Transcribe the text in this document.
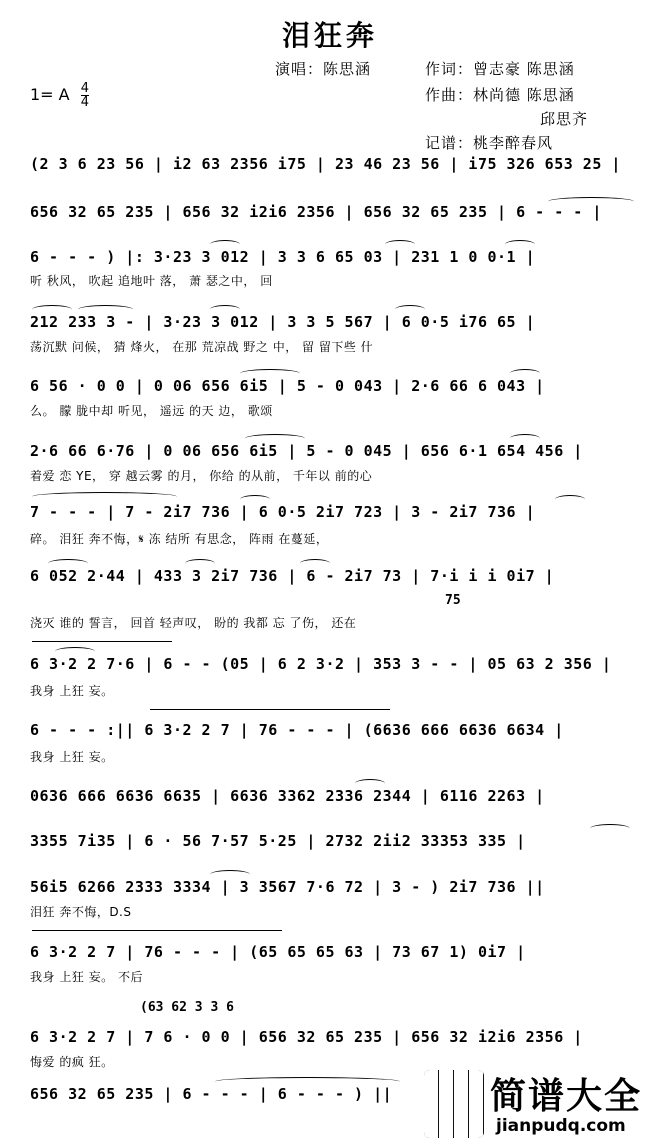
泪狂奔
演唱：陈思涵	作词：曾志豪 陈思涵
作曲：林尚德 陈思涵
邱思齐
记谱：桃李醉春风
1= A $\frac{4}{4}$
(2 3 6 23 56 | i2 63 2356 i75 | 23 46 23 56 | i75 326 653 25 |
656 32 65 235 | 656 32 i2i6 2356 | 656 32 65 235 | 6 - - - |
6 - - - ) |: 3·23 3 012 | 3 3 6 65 03 | 231 1 0 0·1 |
听 秋风， 吹起 追地叶 落， 萧 瑟之中， 回
212 233 3 - | 3·23 3 012 | 3 3 5 567 | 6 0·5 i76 65 |
荡沉默 问候， 猜 烽火， 在那 荒凉战 野之 中， 留 留下些 什
6 56 · 0 0 | 0 06 656 6i5 | 5 - 0 043 | 2·6 66 6 043 |
么。 朦 胧中却 听见， 遥远 的天 边， 歌颂
2·6 66 6·76 | 0 06 656 6i5 | 5 - 0 045 | 656 6·1 654 456 |
着爱 恋 YE， 穿 越云雾 的月， 你给 的从前， 千年以 前的心
7 - - - | 7 - 2i7 736 | 6 0·5 2i7 723 | 3 - 2i7 736 |
碎。 泪狂 奔不悔，𝄋 冻 结所 有思念， 阵雨 在蔓延，
6 052 2·44 | 433 3 2i7 736 | 6 - 2i7 73 | 7·i i i 0i7 |
75
浇灭 谁的 誓言， 回首 轻声叹， 盼的 我都 忘 了伤， 还在
6 3·2 2 7·6 | 6 - - (05 | 6 2 3·2 | 353 3 - - | 05 63 2 356 |
我身 上狂 妄。
6 - - - :|| 6 3·2 2 7 | 76 - - - | (6636 666 6636 6634 |
我身 上狂 妄。
0636 666 6636 6635 | 6636 3362 2336 2344 | 6116 2263 |
3355 7i35 | 6 · 56 7·57 5·25 | 2732 2ii2 33353 335 |
56i5 6266 2333 3334 | 3 3567 7·6 72 | 3 - ) 2i7 736 ||
泪狂 奔不悔，D.S
6 3·2 2 7 | 76 - - - | (65 65 65 63 | 73 67 1) 0i7 |
我身 上狂 妄。 不后
(63 62 3 3 6
6 3·2 2 7 | 7 6 · 0 0 | 656 32 65 235 | 656 32 i2i6 2356 |
悔爱 的疯 狂。
656 32 65 235 | 6 - - - | 6 - - - ) ||	简谱大全
jianpudq.com
